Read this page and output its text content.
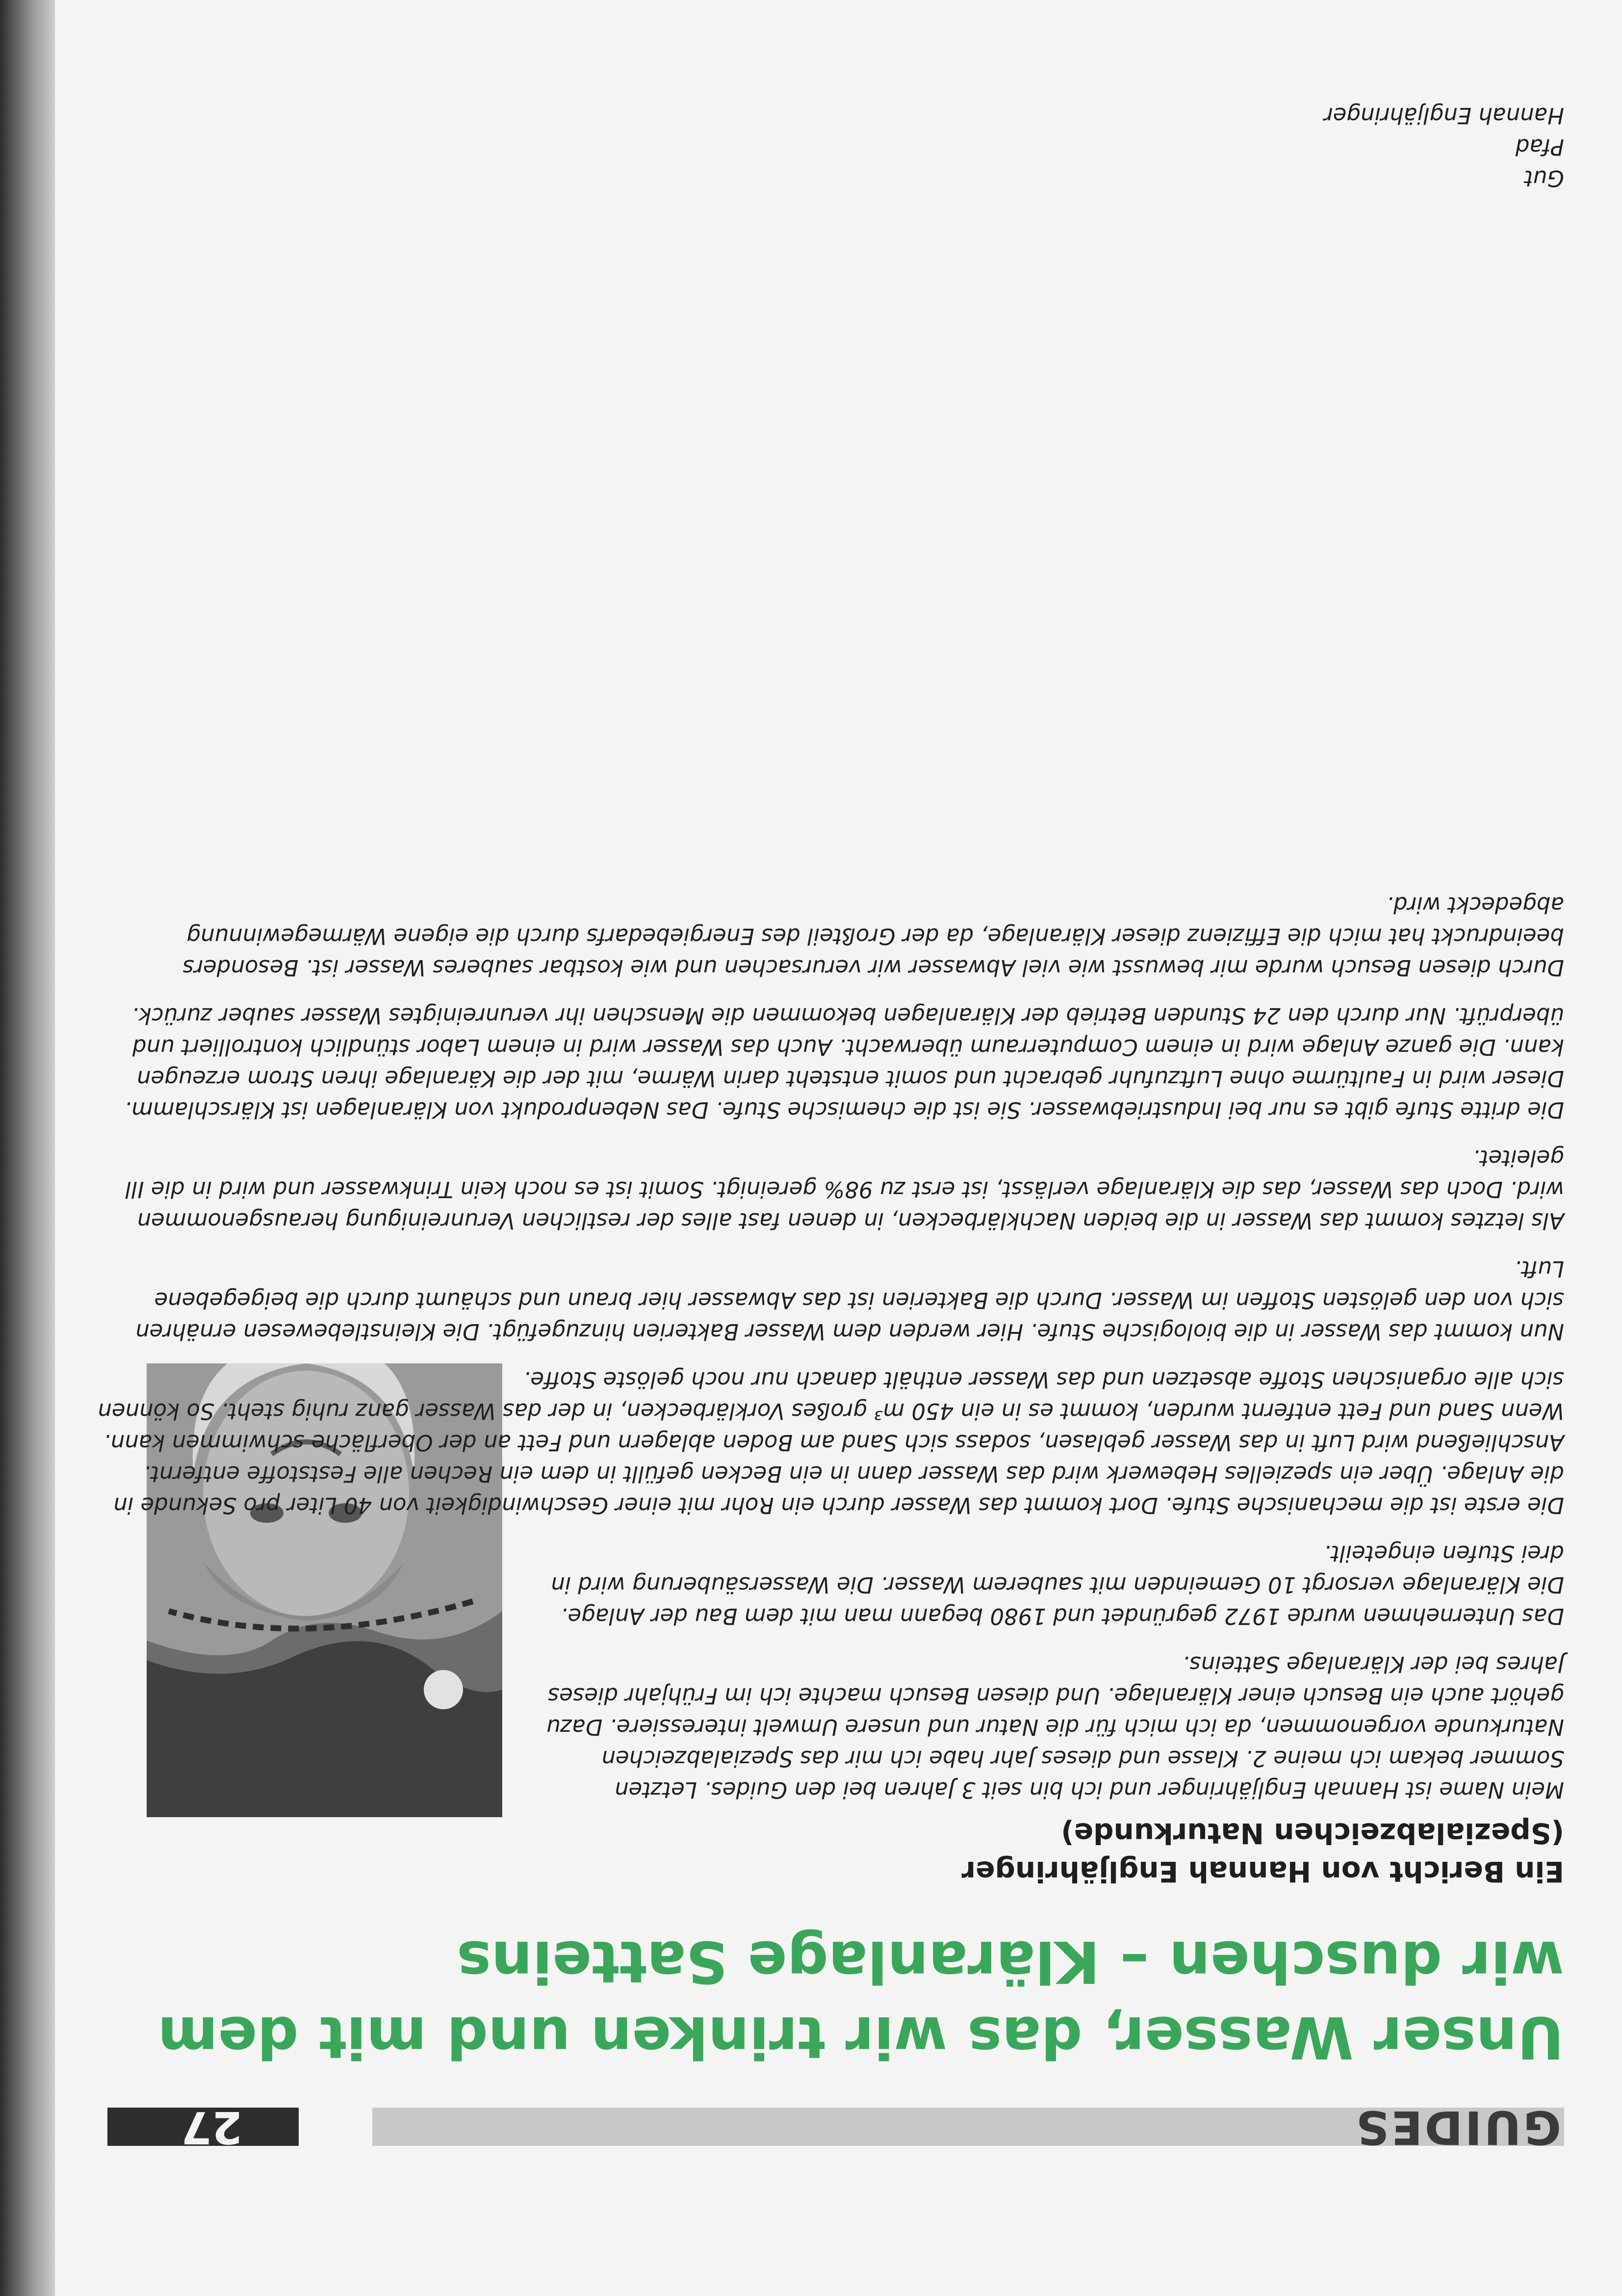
GUIDES
27
Unser Wasser, das wir trinken und mit dem wir duschen – Kläranlage Satteins
Ein Bericht von Hannah Engljähringer
(Spezialabzeichen Naturkunde)

Mein Name ist Hannah Engljähringer und ich bin seit 3 Jahren bei den Guides. Letzten Sommer bekam ich meine 2. Klasse und dieses Jahr habe ich mir das Spezialabzeichen Naturkunde vorgenommen, da ich mich für die Natur und unsere Umwelt interessiere. Dazu gehört auch ein Besuch einer Kläranlage. Und diesen Besuch machte ich im Frühjahr dieses Jahres bei der Kläranlage Satteins.

Das Unternehmen wurde 1972 gegründet und 1980 begann man mit dem Bau der Anlage. Die Kläranlage versorgt 10 Gemeinden mit sauberem Wasser. Die Wassersäuberung wird in drei Stufen eingeteilt.

Die erste ist die mechanische Stufe. Dort kommt das Wasser durch ein Rohr mit einer Geschwindigkeit von 40 Liter pro Sekunde in die Anlage. Über ein spezielles Hebewerk wird das Wasser dann in ein Becken gefüllt in dem ein Rechen alle Feststoffe entfernt. Anschließend wird Luft in das Wasser geblasen, sodass sich Sand am Boden ablagern und Fett an der Oberfläche schwimmen kann. Wenn Sand und Fett entfernt wurden, kommt es in ein 450 m³ großes Vorklärbecken, in der das Wasser ganz ruhig steht. So können sich alle organischen Stoffe absetzen und das Wasser enthält danach nur noch gelöste Stoffe.

Nun kommt das Wasser in die biologische Stufe. Hier werden dem Wasser Bakterien hinzugefügt. Die Kleinstlebewesen ernähren sich von den gelösten Stoffen im Wasser. Durch die Bakterien ist das Abwasser hier braun und schäumt durch die beigegebene Luft.

Als letztes kommt das Wasser in die beiden Nachklärbecken, in denen fast alles der restlichen Verunreinigung herausgenommen wird. Doch das Wasser, das die Kläranlage verlässt, ist erst zu 98% gereinigt. Somit ist es noch kein Trinkwasser und wird in die Ill geleitet.

Die dritte Stufe gibt es nur bei Industriebwasser. Sie ist die chemische Stufe. Das Nebenprodukt von Kläranlagen ist Klärschlamm. Dieser wird in Faultürme ohne Luftzufuhr gebracht und somit entsteht darin Wärme, mit der die Käranlage ihren Strom erzeugen kann. Die ganze Anlage wird in einem Computerraum überwacht. Auch das Wasser wird in einem Labor stündlich kontrolliert und überprüft. Nur durch den 24 Stunden Betrieb der Kläranlagen bekommen die Menschen ihr verunreinigtes Wasser sauber zurück.

Durch diesen Besuch wurde mir bewusst wie viel Abwasser wir verursachen und wie kostbar sauberes Wasser ist. Besonders beeindruckt hat mich die Effizienz dieser Kläranlage, da der Großteil des Energiebedarfs durch die eigene Wärmegewinnung abgedeckt wird.

Gut
Pfad
Hannah Engljähringer
